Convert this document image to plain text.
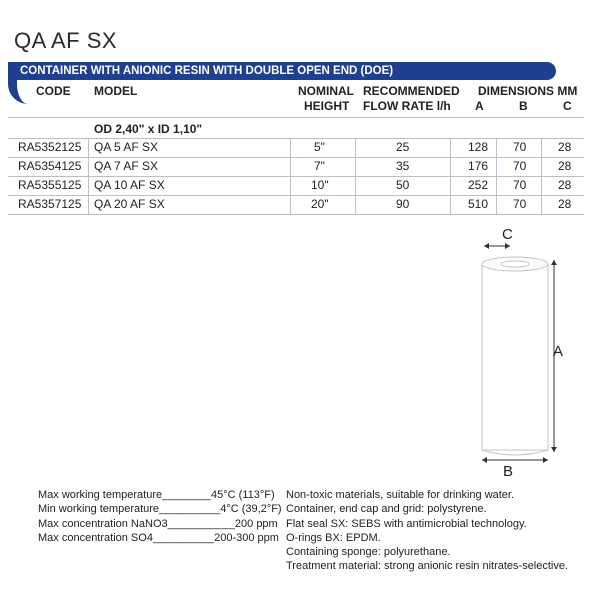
QA AF SX
CONTAINER WITH ANIONIC RESIN WITH DOUBLE OPEN END (DOE)
CODE MODEL	NOMINAL
HEIGHT
RECOMMENDED
FLOW RATE l/h
DIMENSIONS MM
A	B	C
OD 2,40" x ID 1,10"
RA5352125 QA 5 AF SX	5"	25	128 70	28
RA5354125 QA 7 AF SX	7"	35	176 70	28
RA5355125 QA 10 AF SX	10"	50	252 70	28
RA5357125 QA 20 AF SX	20"	90	510 70	28
C
A
B
Max working temperature________45°C (113°F)
Min working temperature__________4°C (39,2°F)
Max concentration NaNO3___________200 ppm
Max concentration SO4__________200-300 ppm
Non-toxic materials, suitable for drinking water.
Container, end cap and grid: polystyrene.
Flat seal SX: SEBS with antimicrobial technology.
O-rings BX: EPDM.
Containing sponge: polyurethane.
Treatment material: strong anionic resin nitrates-selective.
